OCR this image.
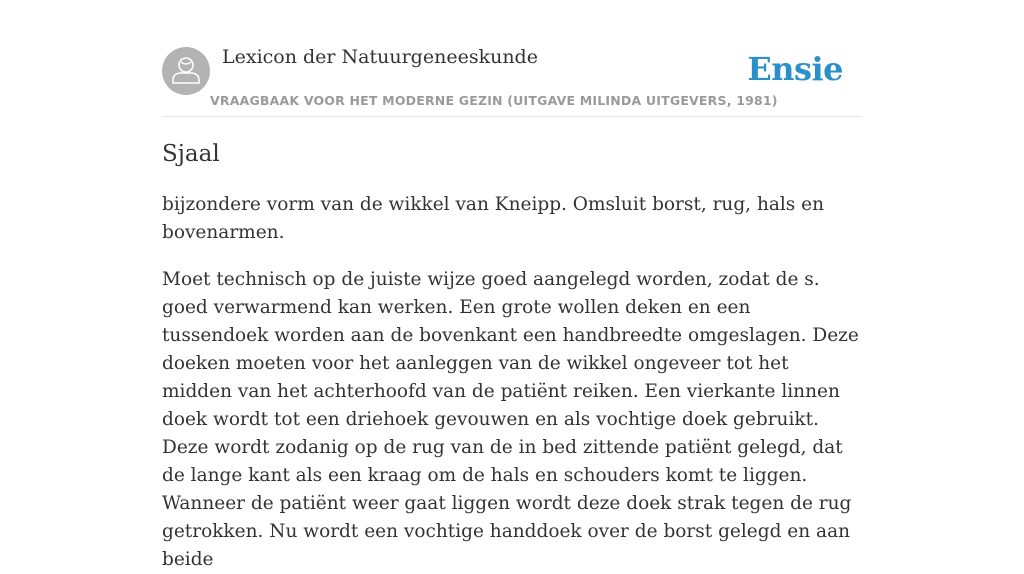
Lexicon der Natuurgeneeskunde
VRAAGBAAK VOOR HET MODERNE GEZIN (UITGAVE MILINDA UITGEVERS, 1981)
Ensie
Sjaal

bijzondere vorm van de wikkel van Kneipp. Omsluit borst, rug, hals en bovenarmen.

Moet technisch op de juiste wijze goed aangelegd worden, zodat de s. goed verwarmend kan werken. Een grote wollen deken en een tussendoek worden aan de bovenkant een handbreedte omgeslagen. Deze doeken moeten voor het aanleggen van de wikkel ongeveer tot het midden van het achterhoofd van de patiënt reiken. Een vierkante linnen doek wordt tot een driehoek gevouwen en als vochtige doek gebruikt. Deze wordt zodanig op de rug van de in bed zittende patiënt gelegd, dat de lange kant als een kraag om de hals en schouders komt te liggen. Wanneer de patiënt weer gaat liggen wordt deze doek strak tegen de rug getrokken. Nu wordt een vochtige handdoek over de borst gelegd en aan beide
